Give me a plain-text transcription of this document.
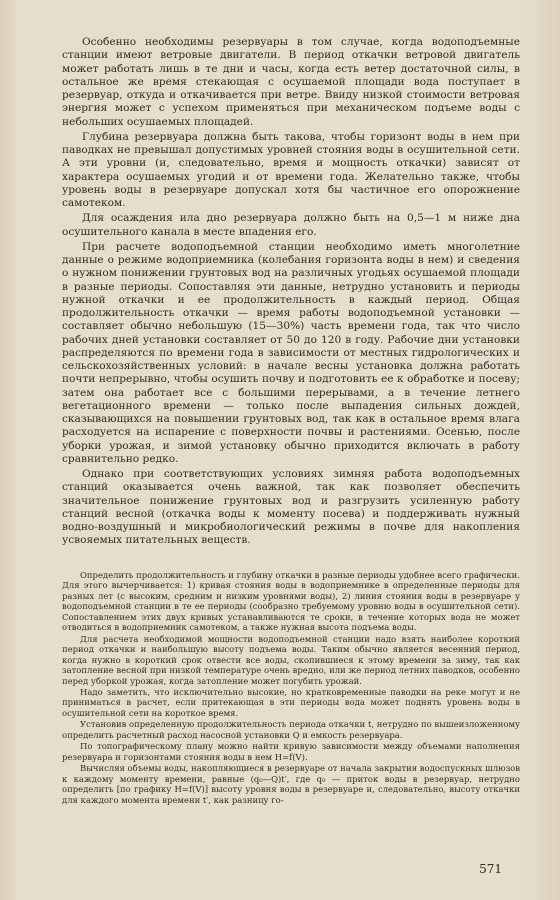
Особенно необходимы резервуары в том случае, когда водоподъемные станции имеют ветровые двигатели. В период откачки ветровой двигатель может работать лишь в те дни и часы, когда есть ветер достаточной силы, в остальное же время стекающая с осушаемой площади вода поступает в резервуар, откуда и откачивается при ветре. Ввиду низкой стоимости ветровая энергия может с успехом применяться при механическом подъеме воды с небольших осушаемых площадей.

Глубина резервуара должна быть такова, чтобы горизонт воды в нем при паводках не превышал допустимых уровней стояния воды в осушительной сети. А эти уровни (и, следовательно, время и мощность откачки) зависят от характера осушаемых угодий и от времени года. Желательно также, чтобы уровень воды в резервуаре допускал хотя бы частичное его опорожнение самотеком.

Для осаждения ила дно резервуара должно быть на 0,5—1 м ниже дна осушительного канала в месте впадения его.

При расчете водоподъемной станции необходимо иметь многолетние данные о режиме водоприемника (колебания горизонта воды в нем) и сведения о нужном понижении грунтовых вод на различных угодьях осушаемой площади в разные периоды. Сопоставляя эти данные, нетрудно установить и периоды нужной откачки и ее продолжительность в каждый период. Общая продолжительность откачки — время работы водоподъемной установки — составляет обычно небольшую (15—30%) часть времени года, так что число рабочих дней установки составляет от 50 до 120 в году. Рабочие дни установки распределяются по времени года в зависимости от местных гидрологических и сельскохозяйственных условий: в начале весны установка должна работать почти непрерывно, чтобы осушить почву и подготовить ее к обработке и посеву; затем она работает все с большими перерывами, а в течение летнего вегетационного времени — только после выпадения сильных дождей, сказывающихся на повышении грунтовых вод, так как в остальное время влага расходуется на испарение с поверхности почвы и растениями. Осенью, после уборки урожая, и зимой установку обычно приходится включать в работу сравнительно редко.

Однако при соответствующих условиях зимняя работа водоподъемных станций оказывается очень важной, так как позволяет обеспечить значительное понижение грунтовых вод и разгрузить усиленную работу станций весной (откачка воды к моменту посева) и поддерживать нужный водно-воздушный и микробиологический режимы в почве для накопления усвояемых питательных веществ.

Определить продолжительность и глубину откачки в разные периоды удобнее всего графически. Для этого вычерчивается: 1) кривая стояния воды в водоприемнике в определенные периоды для разных лет (с высоким, средним и низким уровнями воды), 2) линия стояния воды в резервуаре у водоподъемной станции в те ее периоды (сообразно требуемому уровню воды в осушительной сети). Сопоставлением этих двух кривых устанавливаются те сроки, в течение которых вода не может отводиться в водоприемник самотеком, а также нужная высота подъема воды.

Для расчета необходимой мощности водоподъемной станции надо взять наиболее короткий период откачки и наибольшую высоту подъема воды. Таким обычно является весенний период, когда нужно в короткий срок отвести все воды, скопившиеся к этому времени за зиму, так как затопление весной при низкой температуре очень вредно, или же период летних паводков, особенно перед уборкой урожая, когда затопление может погубить урожай.

Надо заметить, что исключительно высокие, но кратковременные паводки на реке могут и не приниматься в расчет, если притекающая в эти периоды вода может поднять уровень воды в осушительной сети на короткое время.

Установив определенную продолжительность периода откачки t, нетрудно по вышеизложенному определить расчетный расход насосной установки Q и емкость резервуара.

По топографическому плану можно найти кривую зависимости между объемами наполнения резервуара и горизонтами стояния воды в нем H=f(V).

Вычисляя объемы воды, накопляющиеся в резервуаре от начала закрытия водоспускных шлюзов к каждому моменту времени, равные (q₀—Q)t′, где q₀ — приток воды в резервуар, нетрудно определить [по графику H=f(V)] высоту уровня воды в резервуаре и, следовательно, высоту откачки для каждого момента времени t′, как разницу го-

571
